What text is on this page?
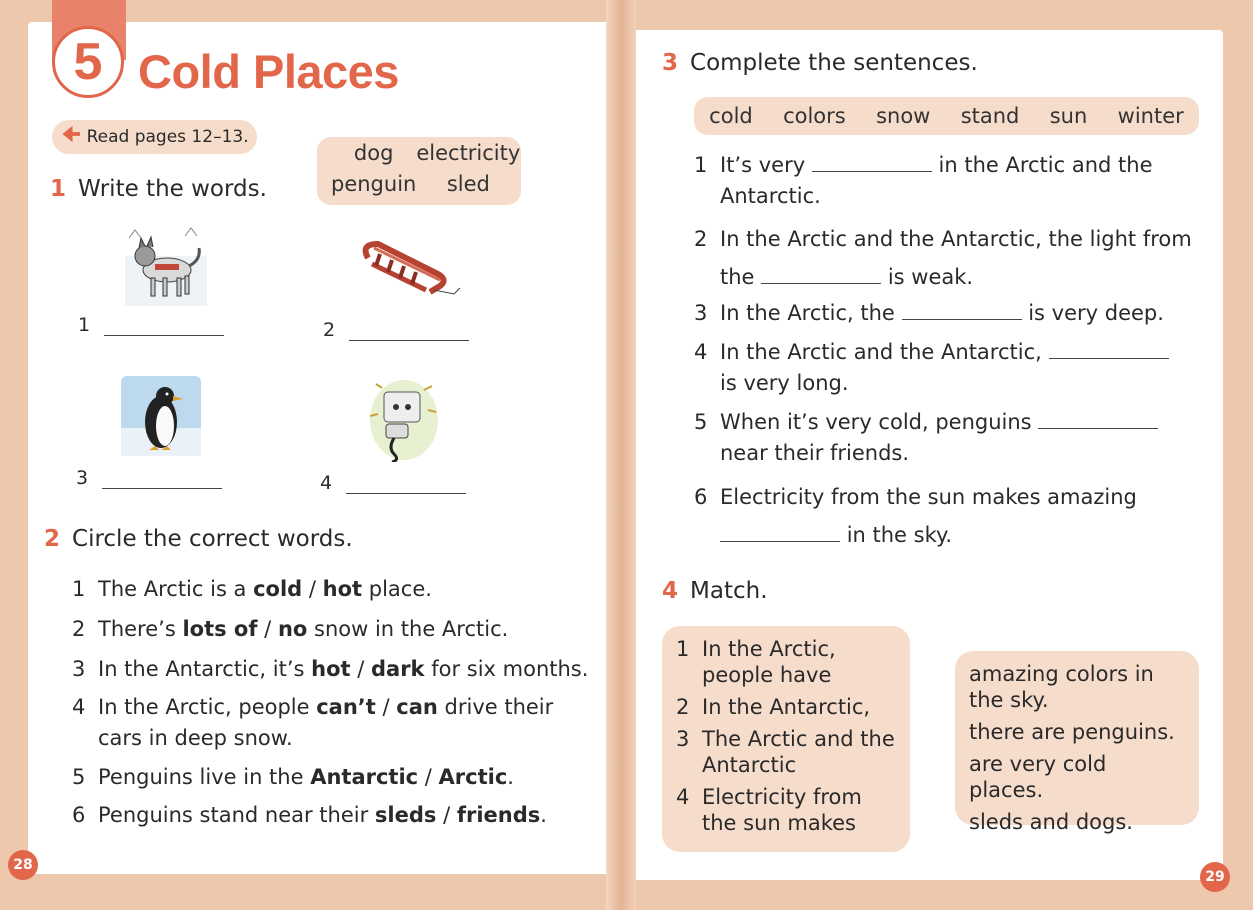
5 Cold Places
🠈 Read pages 12–13.
1 Write the words.
dog	electricity
penguin	sled
1	2
3	4
2 Circle the correct words.
1 The Arctic is a cold / hot place.
2 There’s lots of / no snow in the Arctic.
3 In the Antarctic, it’s hot / dark for six months.
4 In the Arctic, people can’t / can drive their
cars in deep snow.
5 Penguins live in the Antarctic / Arctic.
6 Penguins stand near their sleds / friends.
28
3 Complete the sentences.
cold colors snow stand sun winter
1 It’s very	in the Arctic and the
Antarctic.
2 In the Arctic and the Antarctic, the light from
the	is weak.
3 In the Arctic, the	is very deep.
4 In the Arctic and the Antarctic,
is very long.
5 When it’s very cold, penguins
near their friends.
6 Electricity from the sun makes amazing
in the sky.
4 Match.
1 In the Arctic, people have
2 In the Antarctic,
3 The Arctic and the Antarctic
4 Electricity from the sun makes
amazing colors in the sky.
there are penguins.
are very cold places.
sleds and dogs.
29
